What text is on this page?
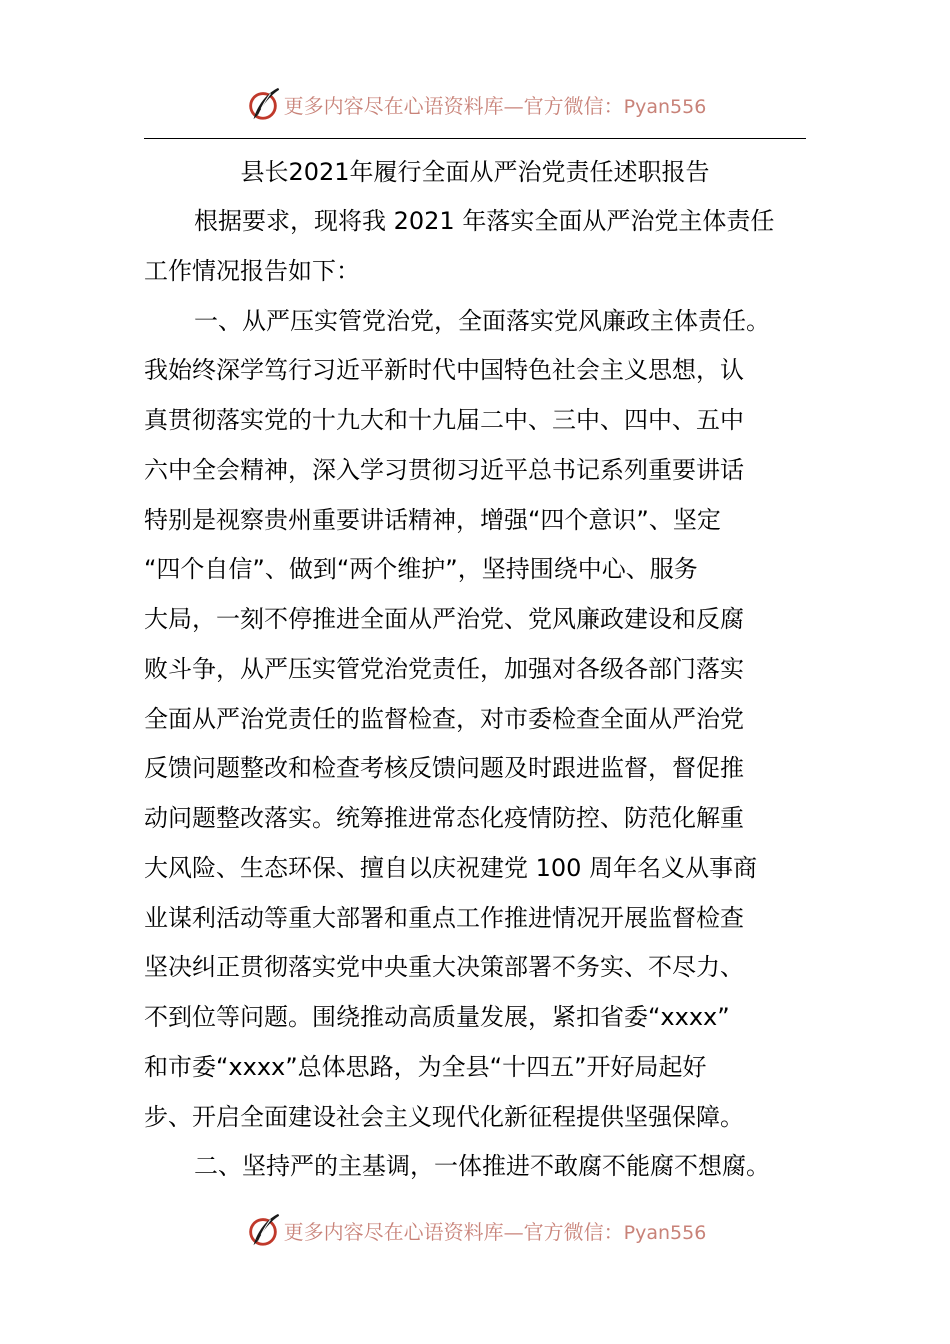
更多内容尽在心语资料库—官方微信：Pyan556
县长2021年履行全面从严治党责任述职报告
根据要求，现将我 2021 年落实全面从严治党主体责任
工作情况报告如下：
一、从严压实管党治党，全面落实党风廉政主体责任。
我始终深学笃行习近平新时代中国特色社会主义思想，认
真贯彻落实党的十九大和十九届二中、三中、四中、五中
六中全会精神，深入学习贯彻习近平总书记系列重要讲话
特别是视察贵州重要讲话精神，增强“四个意识”、坚定
“四个自信”、做到“两个维护”，坚持围绕中心、服务
大局，一刻不停推进全面从严治党、党风廉政建设和反腐
败斗争，从严压实管党治党责任，加强对各级各部门落实
全面从严治党责任的监督检查，对市委检查全面从严治党
反馈问题整改和检查考核反馈问题及时跟进监督，督促推
动问题整改落实。统筹推进常态化疫情防控、防范化解重
大风险、生态环保、擅自以庆祝建党 100 周年名义从事商
业谋利活动等重大部署和重点工作推进情况开展监督检查
坚决纠正贯彻落实党中央重大决策部署不务实、不尽力、
不到位等问题。围绕推动高质量发展，紧扣省委“xxxx”
和市委“xxxx”总体思路，为全县“十四五”开好局起好
步、开启全面建设社会主义现代化新征程提供坚强保障。
二、坚持严的主基调，一体推进不敢腐不能腐不想腐。
更多内容尽在心语资料库—官方微信：Pyan556
